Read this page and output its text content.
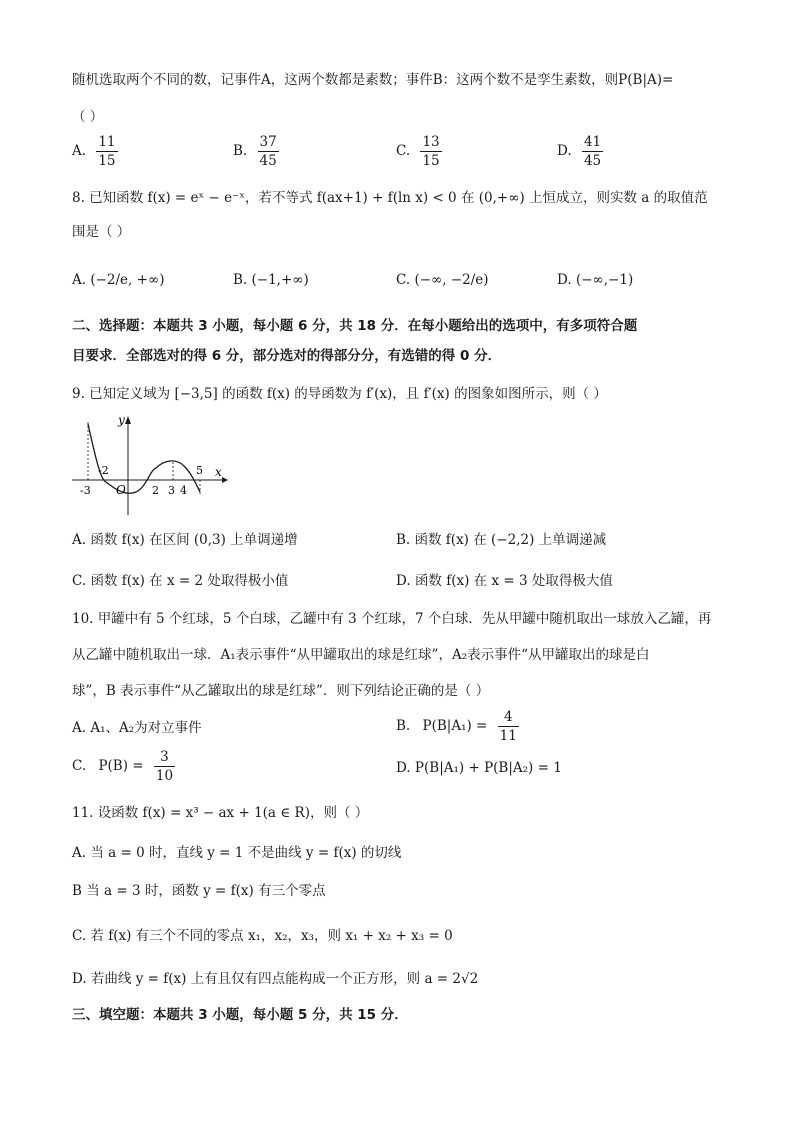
随机选取两个不同的数，记事件A，这两个数都是素数；事件B：这两个数不是孪生素数，则P(B|A)=
（ ）
A. $\frac{11}{15}$	B. $\frac{37}{45}$	C. $\frac{13}{15}$	D. $\frac{41}{45}$
8. 已知函数 f(x) = eˣ − e⁻ˣ，若不等式 f(ax+1) + f(ln x) < 0 在 (0,+∞) 上恒成立，则实数 a 的取值范
围是（ ）
A. (−2/e, +∞)	B. (−1,+∞)	C. (−∞, −2/e)	D. (−∞,−1)
二、选择题：本题共 3 小题，每小题 6 分，共 18 分．在每小题给出的选项中，有多项符合题
目要求．全部选对的得 6 分，部分选对的得部分分，有选错的得 0 分．
9. 已知定义域为 [−3,5] 的函数 f(x) 的导函数为 f′(x)，且 f′(x) 的图象如图所示，则（ ）
y
x
O
-3
-2
2 3 4
5
A. 函数 f(x) 在区间 (0,3) 上单调递增	B. 函数 f(x) 在 (−2,2) 上单调递减
C. 函数 f(x) 在 x = 2 处取得极小值	D. 函数 f(x) 在 x = 3 处取得极大值
10. 甲罐中有 5 个红球，5 个白球，乙罐中有 3 个红球，7 个白球．先从甲罐中随机取出一球放入乙罐，再
从乙罐中随机取出一球．A₁表示事件“从甲罐取出的球是红球”，A₂表示事件“从甲罐取出的球是白
球”，B 表示事件“从乙罐取出的球是红球”．则下列结论正确的是（ ）
A. A₁、A₂为对立事件	B. $P(B|A_1) = \frac{4}{11}$
C. $P(B) = \frac{3}{10}$	D. P(B|A₁) + P(B|A₂) = 1
11. 设函数 f(x) = x³ − ax + 1(a ∈ R)，则（ ）
A. 当 a = 0 时，直线 y = 1 不是曲线 y = f(x) 的切线
B 当 a = 3 时，函数 y = f(x) 有三个零点
C. 若 f(x) 有三个不同的零点 x₁，x₂，x₃，则 x₁ + x₂ + x₃ = 0
D. 若曲线 y = f(x) 上有且仅有四点能构成一个正方形，则 a = 2√2
三、填空题：本题共 3 小题，每小题 5 分，共 15 分．
